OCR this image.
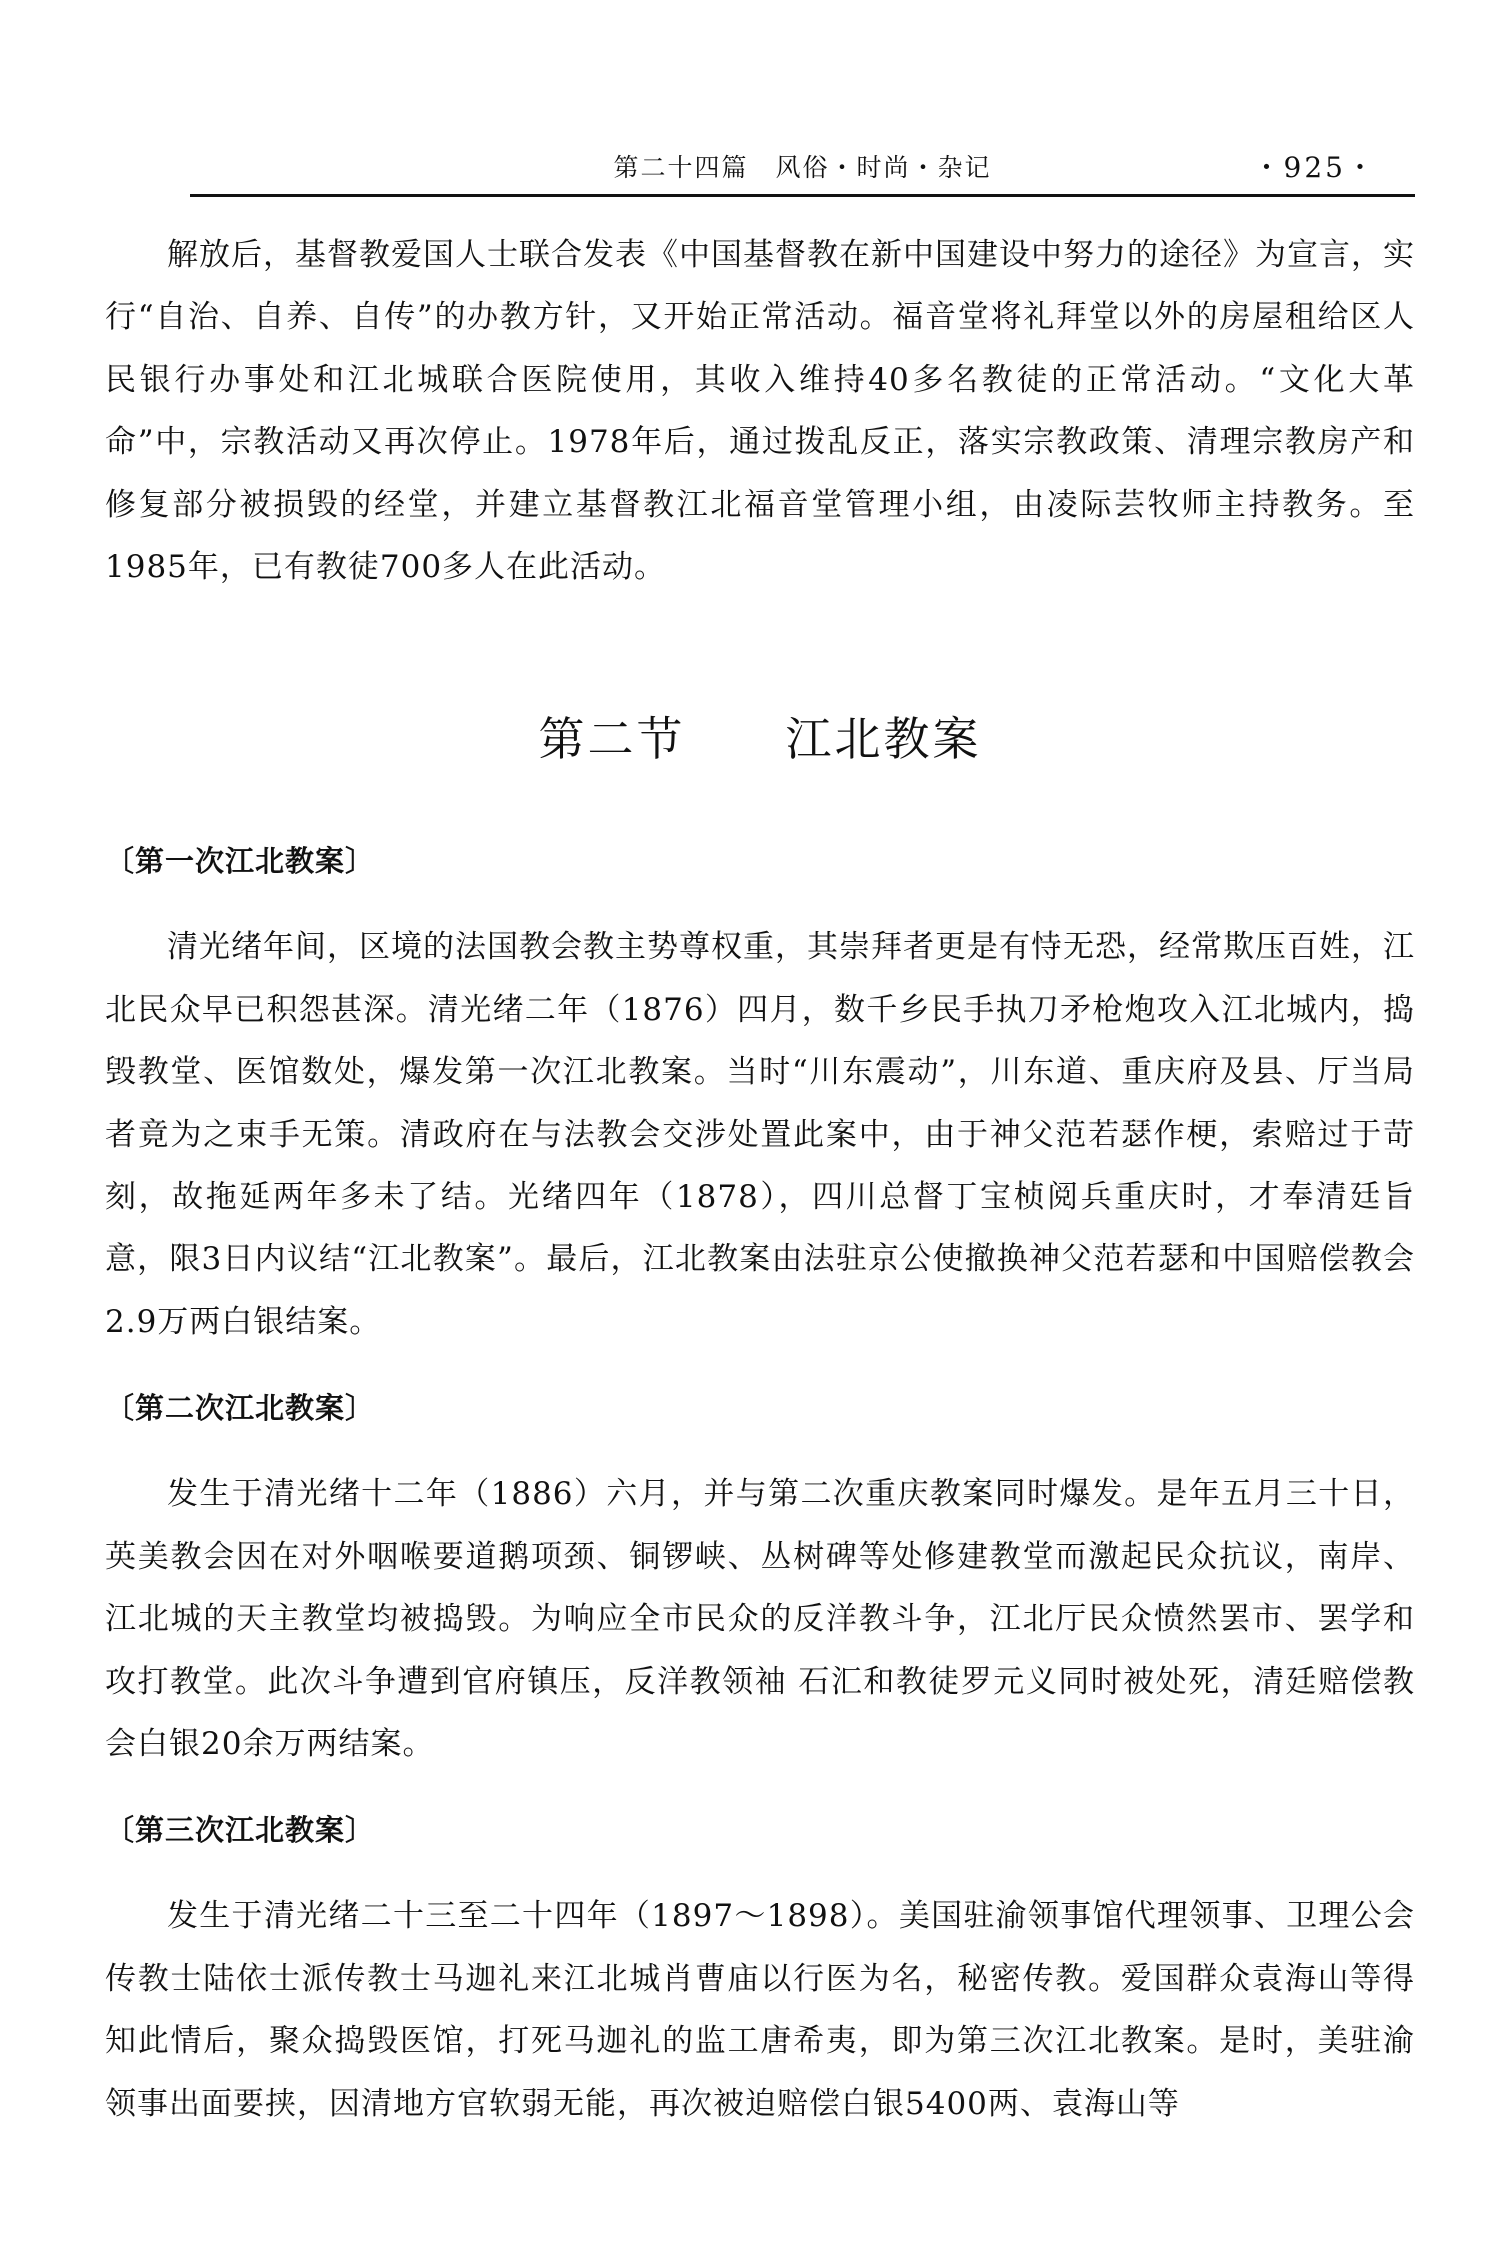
第二十四篇　风俗・时尚・杂记	・925・

解放后，基督教爱国人士联合发表《中国基督教在新中国建设中努力的途径》为宣言，实行“自治、自养、自传”的办教方针，又开始正常活动。福音堂将礼拜堂以外的房屋租给区人民银行办事处和江北城联合医院使用，其收入维持40多名教徒的正常活动。“文化大革命”中，宗教活动又再次停止。1978年后，通过拨乱反正，落实宗教政策、清理宗教房产和修复部分被损毁的经堂，并建立基督教江北福音堂管理小组，由凌际芸牧师主持教务。至1985年，已有教徒700多人在此活动。

第二节 江北教案

〔第一次江北教案〕

清光绪年间，区境的法国教会教主势尊权重，其崇拜者更是有恃无恐，经常欺压百姓，江北民众早已积怨甚深。清光绪二年（1876）四月，数千乡民手执刀矛枪炮攻入江北城内，捣毁教堂、医馆数处，爆发第一次江北教案。当时“川东震动”，川东道、重庆府及县、厅当局者竟为之束手无策。清政府在与法教会交涉处置此案中，由于神父范若瑟作梗，索赔过于苛刻，故拖延两年多未了结。光绪四年（1878），四川总督丁宝桢阅兵重庆时，才奉清廷旨意，限3日内议结“江北教案”。最后，江北教案由法驻京公使撤换神父范若瑟和中国赔偿教会2.9万两白银结案。

〔第二次江北教案〕

发生于清光绪十二年（1886）六月，并与第二次重庆教案同时爆发。是年五月三十日，英美教会因在对外咽喉要道鹅项颈、铜锣峡、丛树碑等处修建教堂而激起民众抗议，南岸、江北城的天主教堂均被捣毁。为响应全市民众的反洋教斗争，江北厅民众愤然罢市、罢学和攻打教堂。此次斗争遭到官府镇压，反洋教领袖 石汇和教徒罗元义同时被处死，清廷赔偿教会白银20余万两结案。

〔第三次江北教案〕

发生于清光绪二十三至二十四年（1897～1898）。美国驻渝领事馆代理领事、卫理公会传教士陆依士派传教士马迦礼来江北城肖曹庙以行医为名，秘密传教。爱国群众袁海山等得知此情后，聚众捣毁医馆，打死马迦礼的监工唐希夷，即为第三次江北教案。是时，美驻渝领事出面要挟，因清地方官软弱无能，再次被迫赔偿白银5400两、袁海山等
